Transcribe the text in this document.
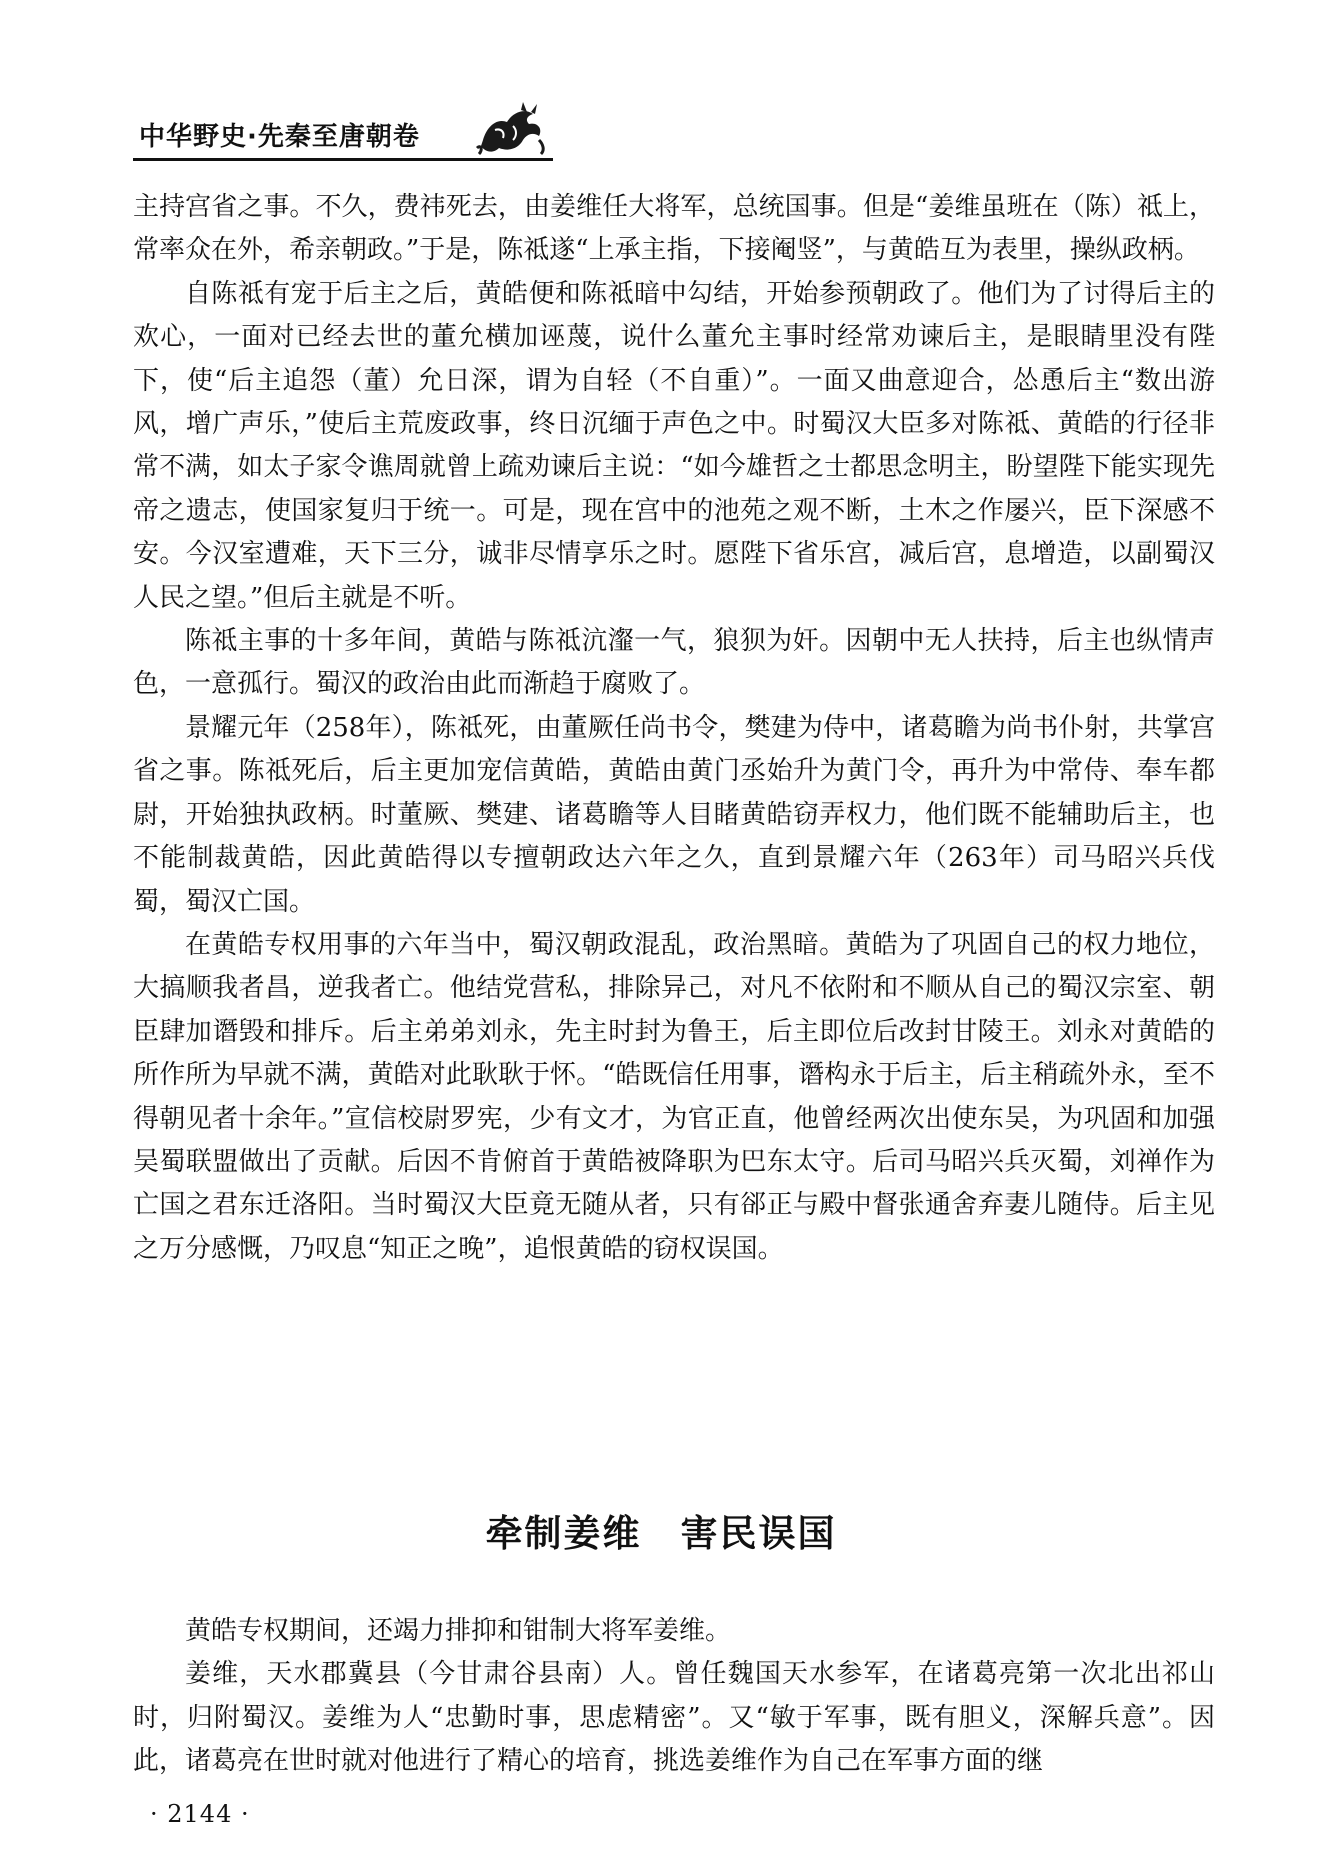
中华野史·先秦至唐朝卷

主持宫省之事。不久，费祎死去，由姜维任大将军，总统国事。但是“姜维虽班在（陈）祗上，常率众在外，希亲朝政。”于是，陈祗遂“上承主指，下接阉竖”，与黄皓互为表里，操纵政柄。

自陈祗有宠于后主之后，黄皓便和陈祗暗中勾结，开始参预朝政了。他们为了讨得后主的欢心，一面对已经去世的董允横加诬蔑，说什么董允主事时经常劝谏后主，是眼睛里没有陛下，使“后主追怨（董）允日深，谓为自轻（不自重）”。一面又曲意迎合，怂恿后主“数出游风，增广声乐，”使后主荒废政事，终日沉缅于声色之中。时蜀汉大臣多对陈祗、黄皓的行径非常不满，如太子家令谯周就曾上疏劝谏后主说：“如今雄哲之士都思念明主，盼望陛下能实现先帝之遗志，使国家复归于统一。可是，现在宫中的池苑之观不断，土木之作屡兴，臣下深感不安。今汉室遭难，天下三分，诚非尽情享乐之时。愿陛下省乐宫，减后宫，息增造，以副蜀汉人民之望。”但后主就是不听。

陈祗主事的十多年间，黄皓与陈祗沆瀣一气，狼狈为奸。因朝中无人扶持，后主也纵情声色，一意孤行。蜀汉的政治由此而渐趋于腐败了。

景耀元年（258年），陈祗死，由董厥任尚书令，樊建为侍中，诸葛瞻为尚书仆射，共掌宫省之事。陈祗死后，后主更加宠信黄皓，黄皓由黄门丞始升为黄门令，再升为中常侍、奉车都尉，开始独执政柄。时董厥、樊建、诸葛瞻等人目睹黄皓窃弄权力，他们既不能辅助后主，也不能制裁黄皓，因此黄皓得以专擅朝政达六年之久，直到景耀六年（263年）司马昭兴兵伐蜀，蜀汉亡国。

在黄皓专权用事的六年当中，蜀汉朝政混乱，政治黑暗。黄皓为了巩固自己的权力地位，大搞顺我者昌，逆我者亡。他结党营私，排除异己，对凡不依附和不顺从自己的蜀汉宗室、朝臣肆加谮毁和排斥。后主弟弟刘永，先主时封为鲁王，后主即位后改封甘陵王。刘永对黄皓的所作所为早就不满，黄皓对此耿耿于怀。“皓既信任用事，谮构永于后主，后主稍疏外永，至不得朝见者十余年。”宣信校尉罗宪，少有文才，为官正直，他曾经两次出使东吴，为巩固和加强吴蜀联盟做出了贡献。后因不肯俯首于黄皓被降职为巴东太守。后司马昭兴兵灭蜀，刘禅作为亡国之君东迁洛阳。当时蜀汉大臣竟无随从者，只有郤正与殿中督张通舍弃妻儿随侍。后主见之万分感慨，乃叹息“知正之晚”，追恨黄皓的窃权误国。

牵制姜维　害民误国

黄皓专权期间，还竭力排抑和钳制大将军姜维。

姜维，天水郡冀县（今甘肃谷县南）人。曾任魏国天水参军，在诸葛亮第一次北出祁山时，归附蜀汉。姜维为人“忠勤时事，思虑精密”。又“敏于军事，既有胆义，深解兵意”。因此，诸葛亮在世时就对他进行了精心的培育，挑选姜维作为自己在军事方面的继

· 2144 ·
